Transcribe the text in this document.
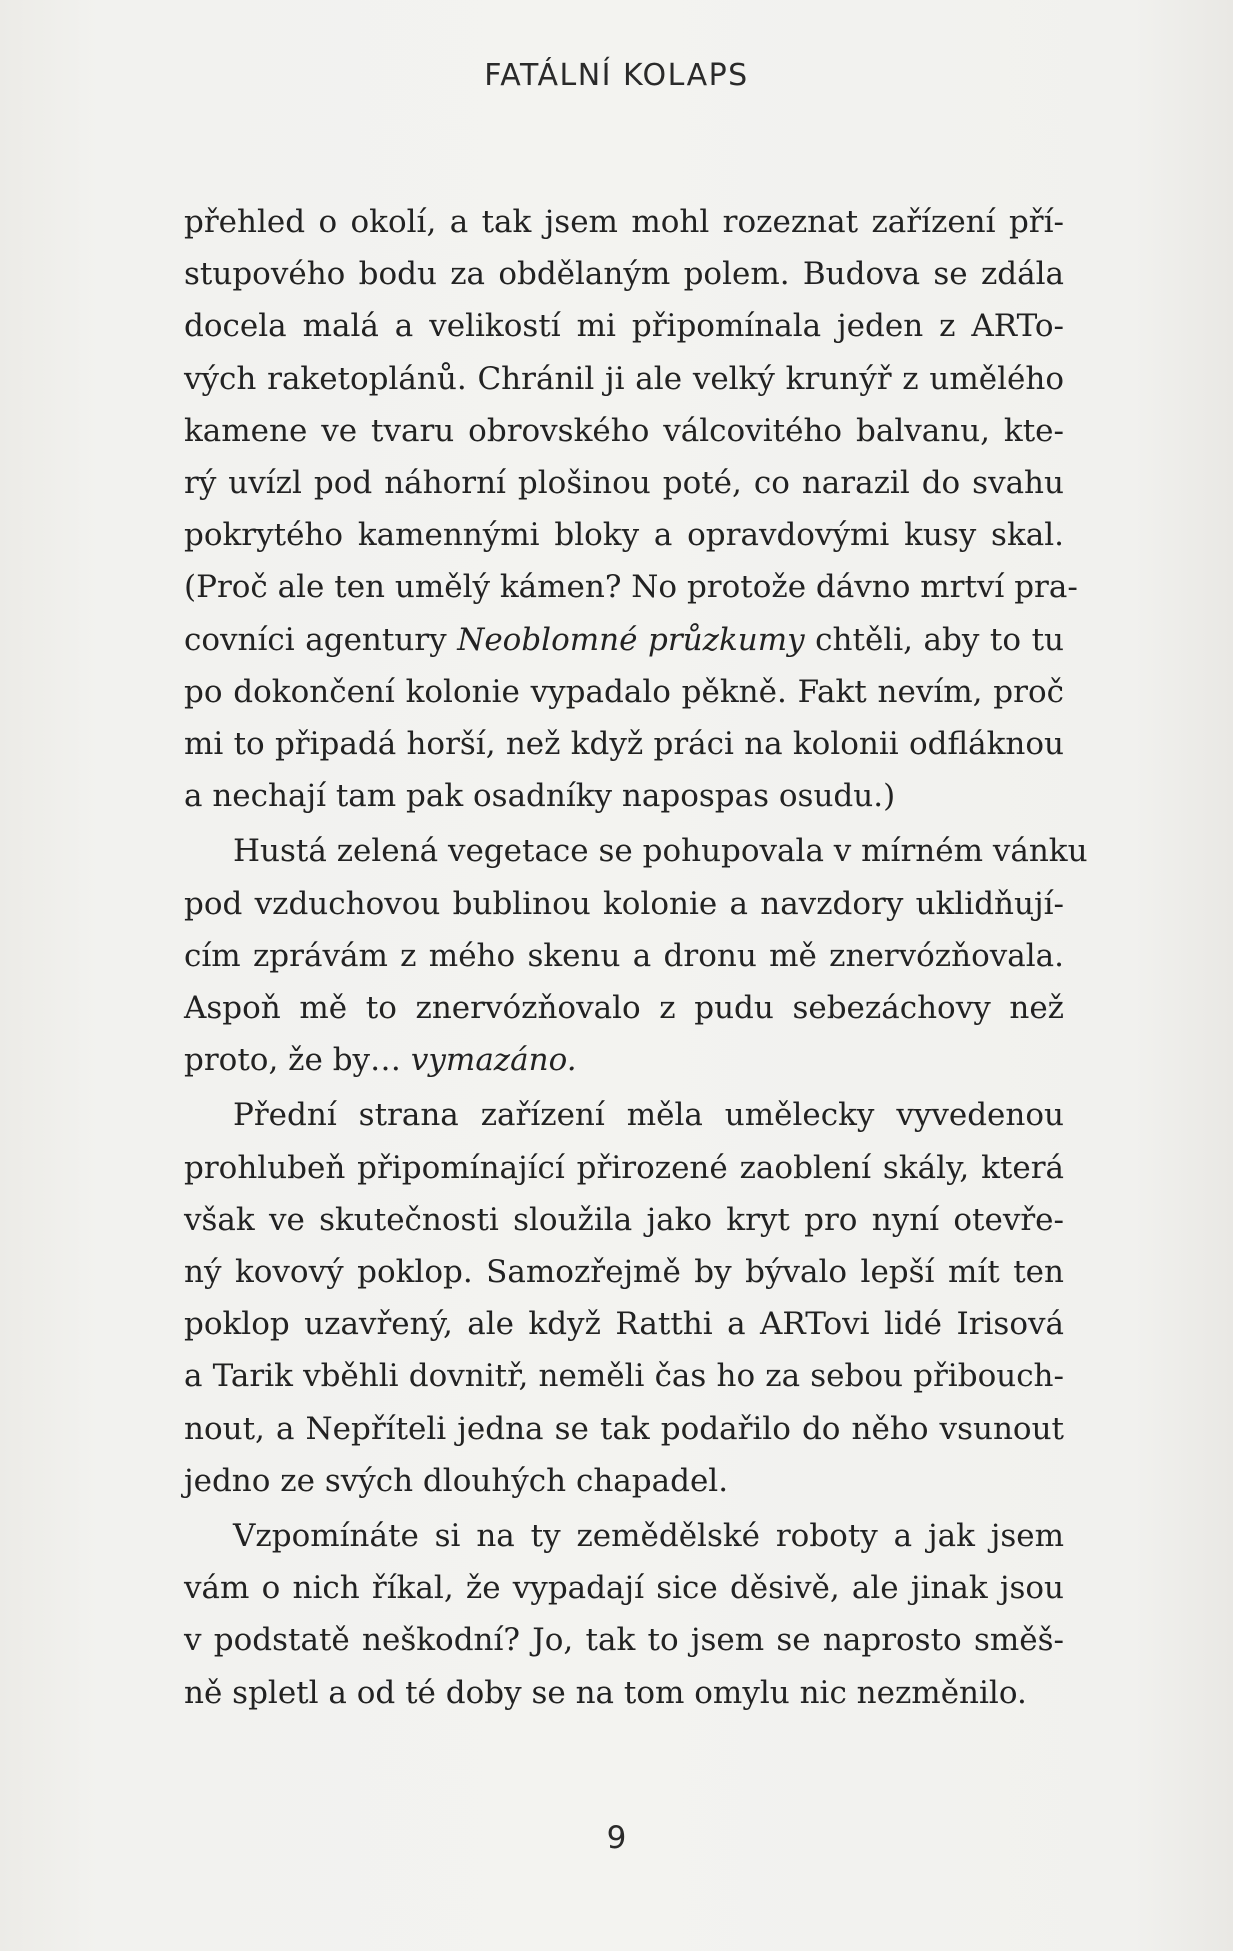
FATÁLNÍ KOLAPS
přehled o okolí, a tak jsem mohl rozeznat zařízení pří-
stupového bodu za obdělaným polem. Budova se zdála
docela malá a velikostí mi připomínala jeden z ARTo-
vých raketoplánů. Chránil ji ale velký krunýř z umělého
kamene ve tvaru obrovského válcovitého balvanu, kte-
rý uvízl pod náhorní plošinou poté, co narazil do svahu
pokrytého kamennými bloky a opravdovými kusy skal.
(Proč ale ten umělý kámen? No protože dávno mrtví pra-
covníci agentury Neoblomné průzkumy chtěli, aby to tu
po dokončení kolonie vypadalo pěkně. Fakt nevím, proč
mi to připadá horší, než když práci na kolonii odfláknou
a nechají tam pak osadníky napospas osudu.)
Hustá zelená vegetace se pohupovala v mírném vánku
pod vzduchovou bublinou kolonie a navzdory uklidňují-
cím zprávám z mého skenu a dronu mě znervózňovala.
Aspoň mě to znervózňovalo z pudu sebezáchovy než
proto, že by… vymazáno.
Přední strana zařízení měla umělecky vyvedenou
prohlubeň připomínající přirozené zaoblení skály, která
však ve skutečnosti sloužila jako kryt pro nyní otevře-
ný kovový poklop. Samozřejmě by bývalo lepší mít ten
poklop uzavřený, ale když Ratthi a ARTovi lidé Irisová
a Tarik vběhli dovnitř, neměli čas ho za sebou přibouch-
nout, a Nepříteli jedna se tak podařilo do něho vsunout
jedno ze svých dlouhých chapadel.
Vzpomínáte si na ty zemědělské roboty a jak jsem
vám o nich říkal, že vypadají sice děsivě, ale jinak jsou
v podstatě neškodní? Jo, tak to jsem se naprosto směš-
ně spletl a od té doby se na tom omylu nic nezměnilo.
9
